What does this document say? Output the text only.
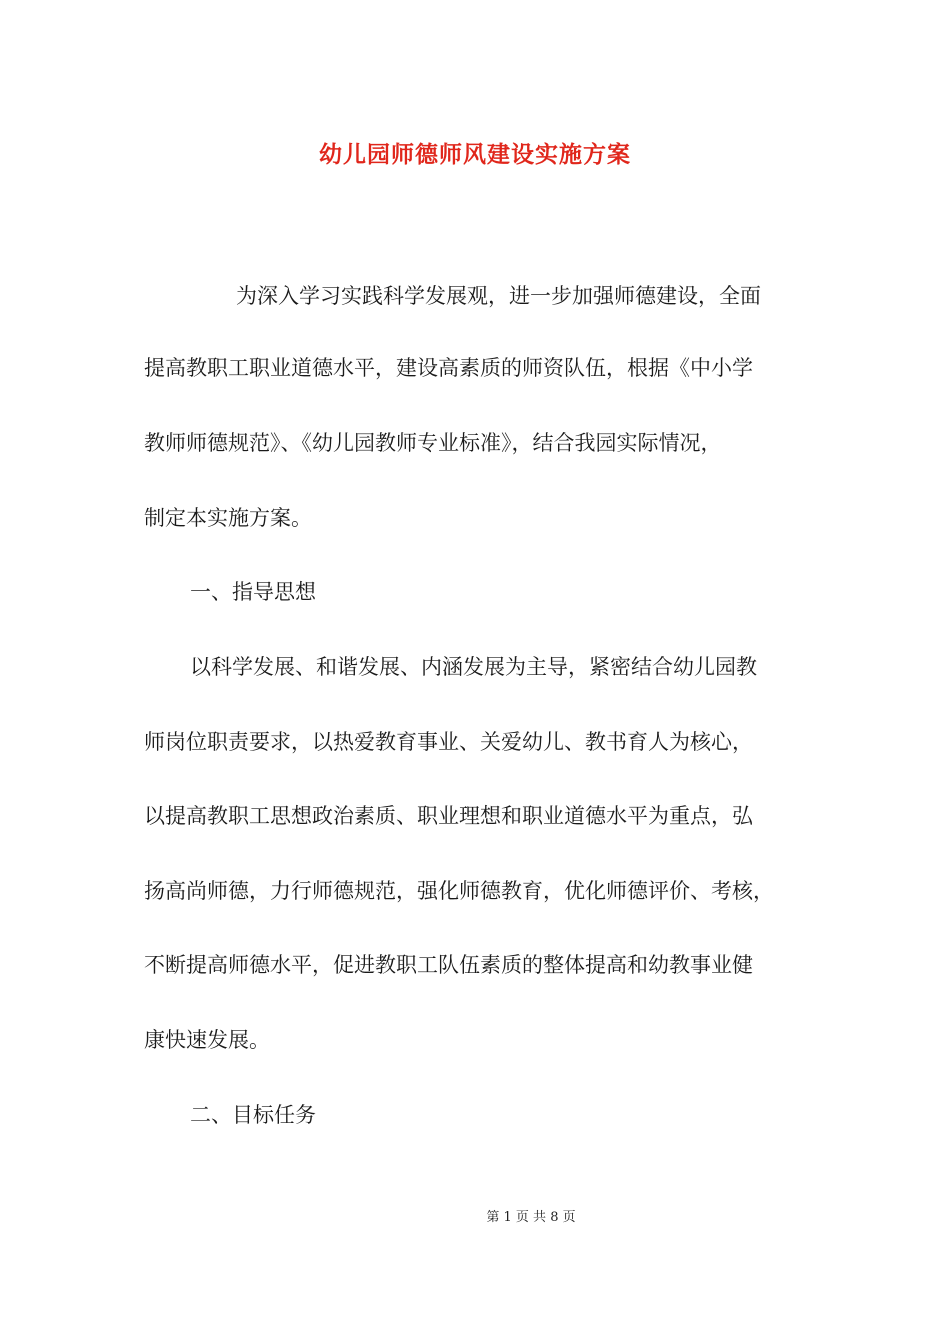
幼儿园师德师风建设实施方案

为深入学习实践科学发展观，进一步加强师德建设，全面

提高教职工职业道德水平，建设高素质的师资队伍，根据《中小学

教师师德规范》、《幼儿园教师专业标准》，结合我园实际情况，

制定本实施方案。

一、指导思想

以科学发展、和谐发展、内涵发展为主导，紧密结合幼儿园教

师岗位职责要求，以热爱教育事业、关爱幼儿、教书育人为核心，

以提高教职工思想政治素质、职业理想和职业道德水平为重点，弘

扬高尚师德，力行师德规范，强化师德教育，优化师德评价、考核，

不断提高师德水平，促进教职工队伍素质的整体提高和幼教事业健

康快速发展。

二、目标任务

第 1 页 共 8 页
